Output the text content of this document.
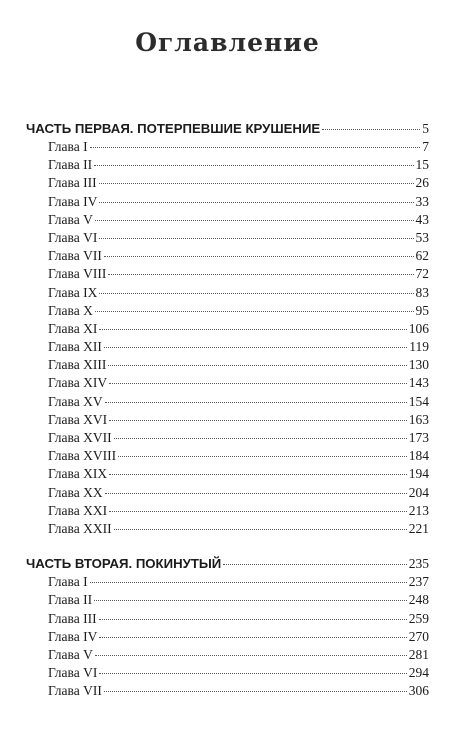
Оглавление
ЧАСТЬ ПЕРВАЯ. ПОТЕРПЕВШИЕ КРУШЕНИЕ	5
Глава I	7
Глава II	15
Глава III	26
Глава IV	33
Глава V	43
Глава VI	53
Глава VII	62
Глава VIII	72
Глава IX	83
Глава X	95
Глава XI	106
Глава XII	119
Глава XIII	130
Глава XIV	143
Глава XV	154
Глава XVI	163
Глава XVII	173
Глава XVIII	184
Глава XIX	194
Глава XX	204
Глава XXI	213
Глава XXII	221
ЧАСТЬ ВТОРАЯ. ПОКИНУТЫЙ	235
Глава I	237
Глава II	248
Глава III	259
Глава IV	270
Глава V	281
Глава VI	294
Глава VII	306
